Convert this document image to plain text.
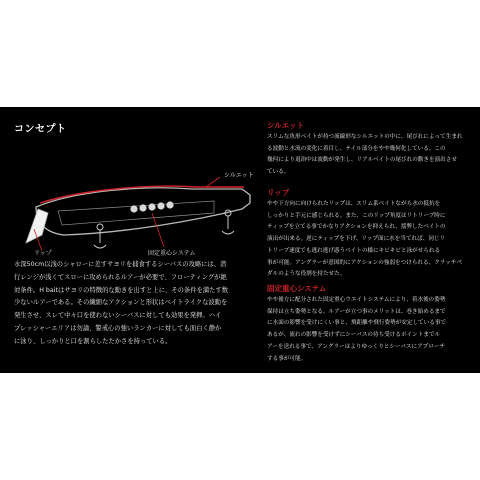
コンセプト
シルエット
リップ	固定重心システム
水深50cm以浅のシャローに差すサヨリを捕食するシーバスの攻略には、潜
行レンジが浅くてスローに攻められるルアーが必要で、フローティングが絶
対条件。H baitはサヨリの特徴的な動きを出すと上に、その条件を満たす数
少ないルアーである。その繊細なアクションと形状はベイトライクな波動を
発生させ、スレて中々口を使わないシーバスに対しても効果を発揮。ハイ
プレッシャーエリアは勿論、警戒心の強いランカーに対しても面白く静か
に泳り、しっかりと口を割らしたたかさを持っている。
シルエット
スリムな魚形ベイトが持つ流線形なシルエットの中に、尾びれによって生まれ
る波動と水流の変化に着目し、テイル部分をやや幾何化している。この
幾何により退治中は波動が発生し、リアルベイトの尾びれの動きを演出させ
ている。
リップ
やや下方向に向けられたリップは、スリム系ベイトながら水の抵抗を
しっかりと手元に感じられる。また、このリップ角度はリトリーブ時に
ティップを立てる事でかなりアクションを抑えられ、揺弊したベイトの
演出が出来る。逆にティップを下げ、リップ面に水を当てれば、同じリ
トリーブ速度でも逃れ逃げ惑うベイトの様にキビキビと泳がせられる
事が可能。アングラーが意図的にアクションの強弱をつけられる、クラッチペ
ダルのような役割を持たせた。
固定重心システム
やや後方に配分された固定重心ウエイトシステムにより、着水後の姿勢
保持は立ち姿勢となる。ルアーが立つ事のメリットは、巻き始めるまで
に水面の影響を受けにくい事と、飛距離や飛行姿勢が安定している事で
あるが、流れの影響を受けずにシーバスの待ち受けるポイントまでル
アーを送れる事で、アングラーはよりゆっくりとシーバスにアプローチ
する事が可能。
